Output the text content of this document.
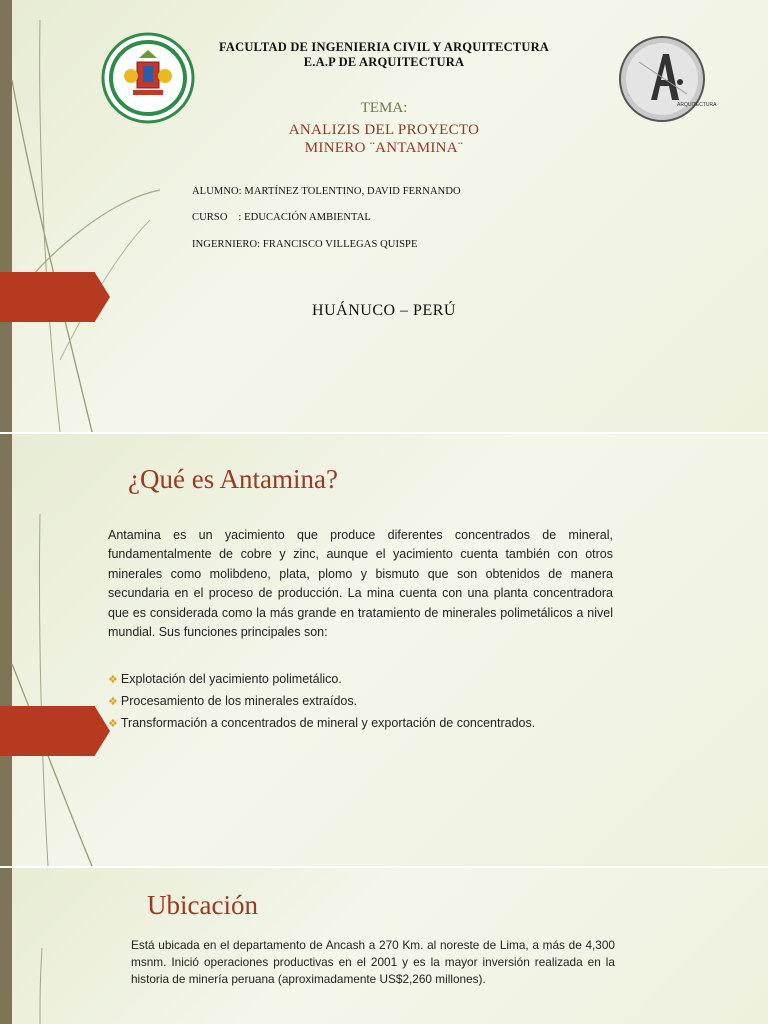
ARQUITECTURA
FACULTAD DE INGENIERIA CIVIL Y ARQUITECTURA
E.A.P DE ARQUITECTURA
TEMA:
ANALIZIS DEL PROYECTO
MINERO ¨ANTAMINA¨
ALUMNO: MARTÍNEZ TOLENTINO, DAVID FERNANDO
CURSO    : EDUCACIÓN AMBIENTAL
INGERNIERO: FRANCISCO VILLEGAS QUISPE
HUÁNUCO – PERÚ
¿Qué es Antamina?

Antamina es un yacimiento que produce diferentes concentrados de mineral, fundamentalmente de cobre y zinc, aunque el yacimiento cuenta también con otros minerales como molibdeno, plata, plomo y bismuto que son obtenidos de manera secundaria en el proceso de producción. La mina cuenta con una planta concentradora que es considerada como la más grande en tratamiento de minerales polimetálicos a nivel mundial. Sus funciones principales son:

❖ Explotación del yacimiento polimetálico.
❖ Procesamiento de los minerales extraídos.
❖ Transformación a concentrados de mineral y exportación de concentrados.
Ubicación

Está ubicada en el departamento de Ancash a 270 Km. al noreste de Lima, a más de 4,300 msnm. Inició operaciones productivas en el 2001 y es la mayor inversión realizada en la historia de minería peruana (aproximadamente US$2,260 millones).
